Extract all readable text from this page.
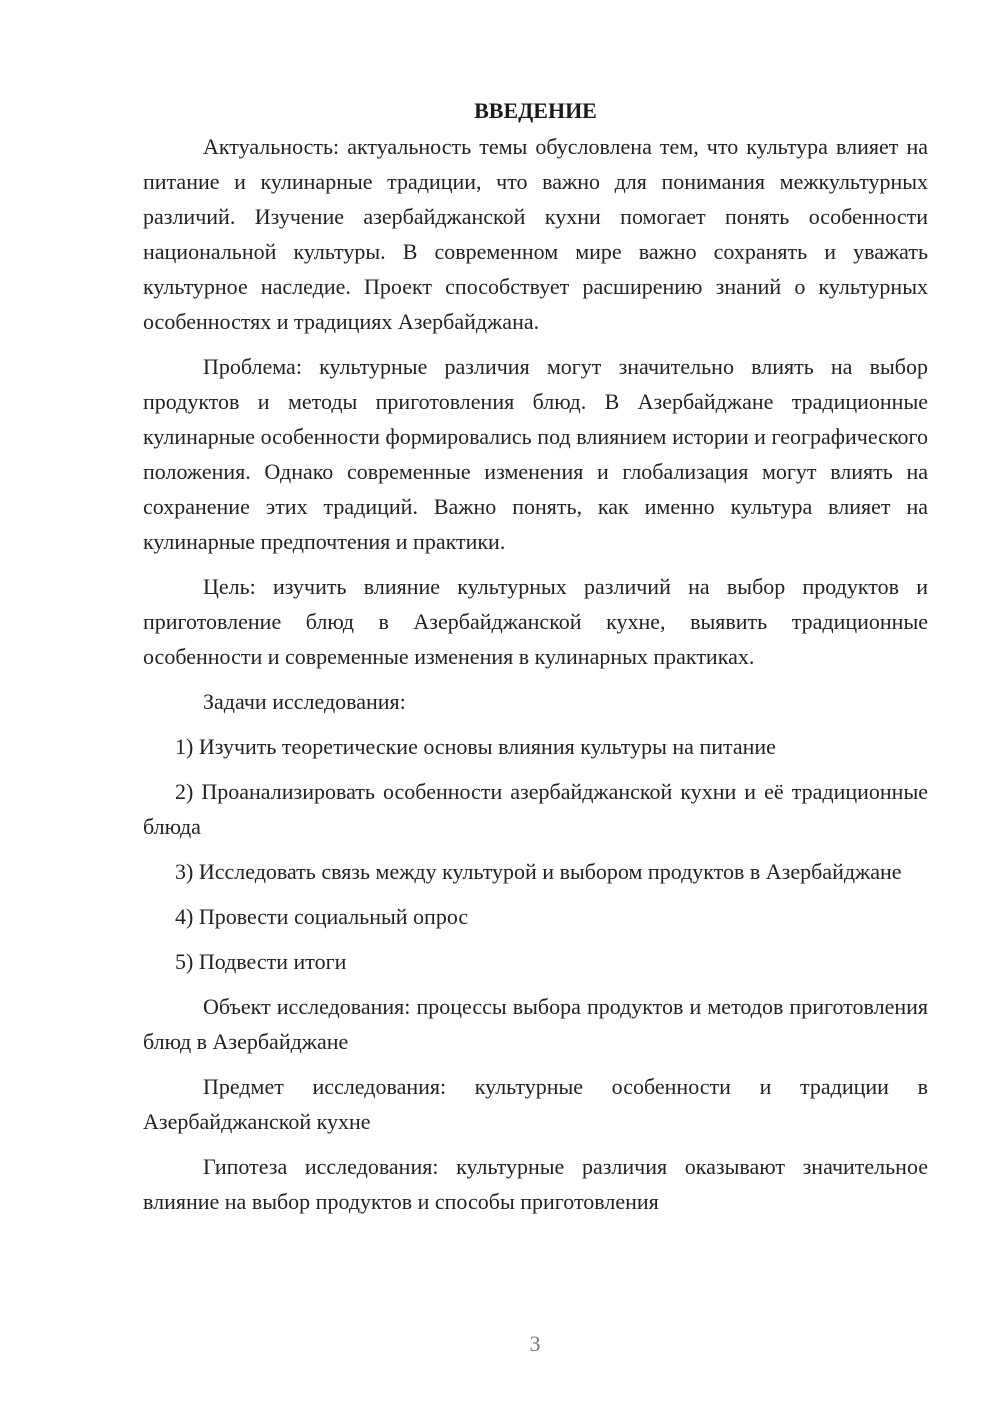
ВВЕДЕНИЕ

Актуальность: актуальность темы обусловлена тем, что культура влияет на питание и кулинарные традиции, что важно для понимания межкультурных различий. Изучение азербайджанской кухни помогает понять особенности национальной культуры. В современном мире важно сохранять и уважать культурное наследие. Проект способствует расширению знаний о культурных особенностях и традициях Азербайджана.

Проблема: культурные различия могут значительно влиять на выбор продуктов и методы приготовления блюд. В Азербайджане традиционные кулинарные особенности формировались под влиянием истории и географического положения. Однако современные изменения и глобализация могут влиять на сохранение этих традиций. Важно понять, как именно культура влияет на кулинарные предпочтения и практики.

Цель: изучить влияние культурных различий на выбор продуктов и приготовление блюд в Азербайджанской кухне, выявить традиционные особенности и современные изменения в кулинарных практиках.

Задачи исследования:

1) Изучить теоретические основы влияния культуры на питание

2) Проанализировать особенности азербайджанской кухни и её традиционные блюда

3) Исследовать связь между культурой и выбором продуктов в Азербайджане

4) Провести социальный опрос

5) Подвести итоги

Объект исследования: процессы выбора продуктов и методов приготовления блюд в Азербайджане

Предмет исследования: культурные особенности и традиции в Азербайджанской кухне

Гипотеза исследования: культурные различия оказывают значительное влияние на выбор продуктов и способы приготовления

3
